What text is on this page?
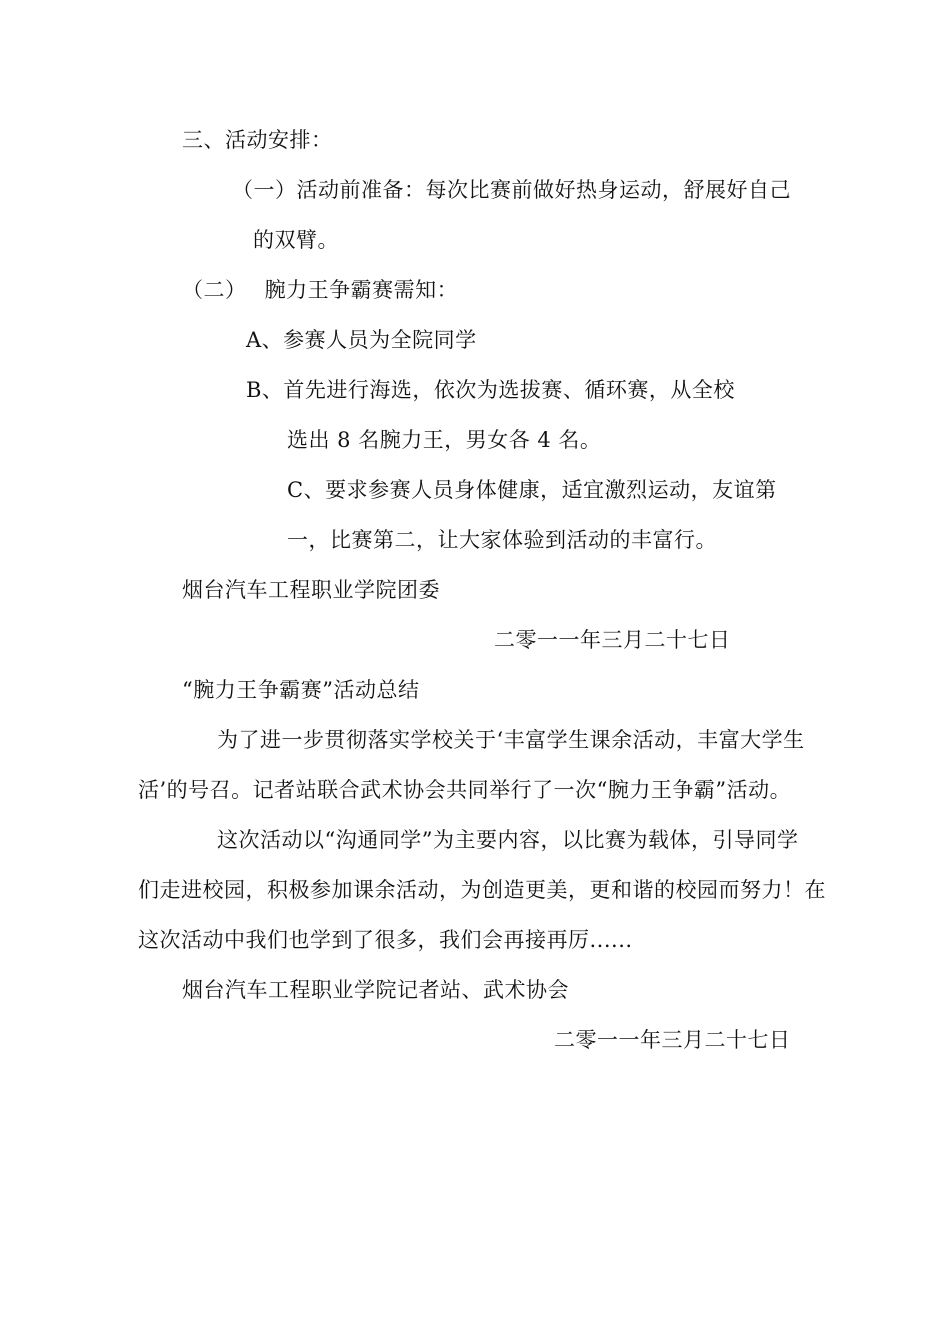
三、活动安排：
（一）活动前准备：每次比赛前做好热身运动，舒展好自己
的双臂。
（二）　 腕力王争霸赛需知：
A、参赛人员为全院同学
B、首先进行海选，依次为选拔赛、循环赛，从全校
选出 8 名腕力王，男女各 4 名。
C、要求参赛人员身体健康，适宜激烈运动，友谊第
一，比赛第二，让大家体验到活动的丰富行。
烟台汽车工程职业学院团委
二零一一年三月二十七日
“腕力王争霸赛”活动总结
为了进一步贯彻落实学校关于‘丰富学生课余活动，丰富大学生
活’的号召。记者站联合武术协会共同举行了一次“腕力王争霸”活动。
这次活动以“沟通同学”为主要内容，以比赛为载体，引导同学
们走进校园，积极参加课余活动，为创造更美，更和谐的校园而努力！在
这次活动中我们也学到了很多，我们会再接再厉......
烟台汽车工程职业学院记者站、武术协会
二零一一年三月二十七日
